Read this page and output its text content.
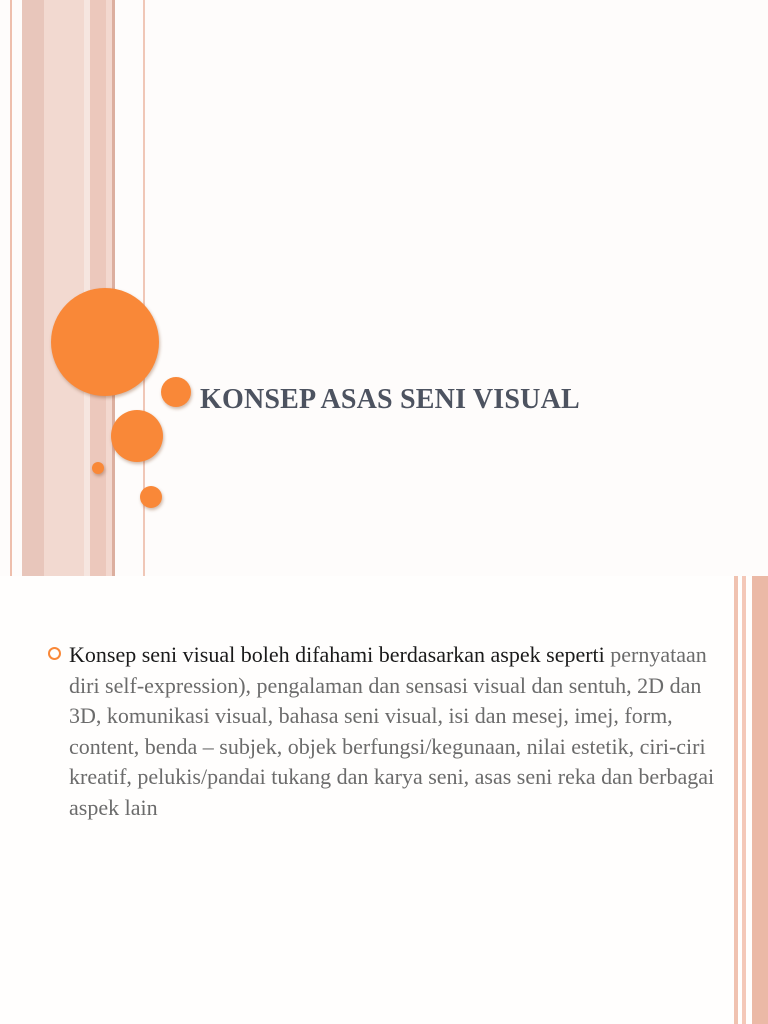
KONSEP ASAS SENI VISUAL
Konsep seni visual boleh difahami berdasarkan aspek seperti pernyataan diri self-expression), pengalaman dan sensasi visual dan sentuh, 2D dan 3D, komunikasi visual, bahasa seni visual, isi dan mesej, imej, form, content, benda – subjek, objek berfungsi/kegunaan, nilai estetik, ciri-ciri kreatif, pelukis/pandai tukang dan karya seni, asas seni reka dan berbagai aspek lain
